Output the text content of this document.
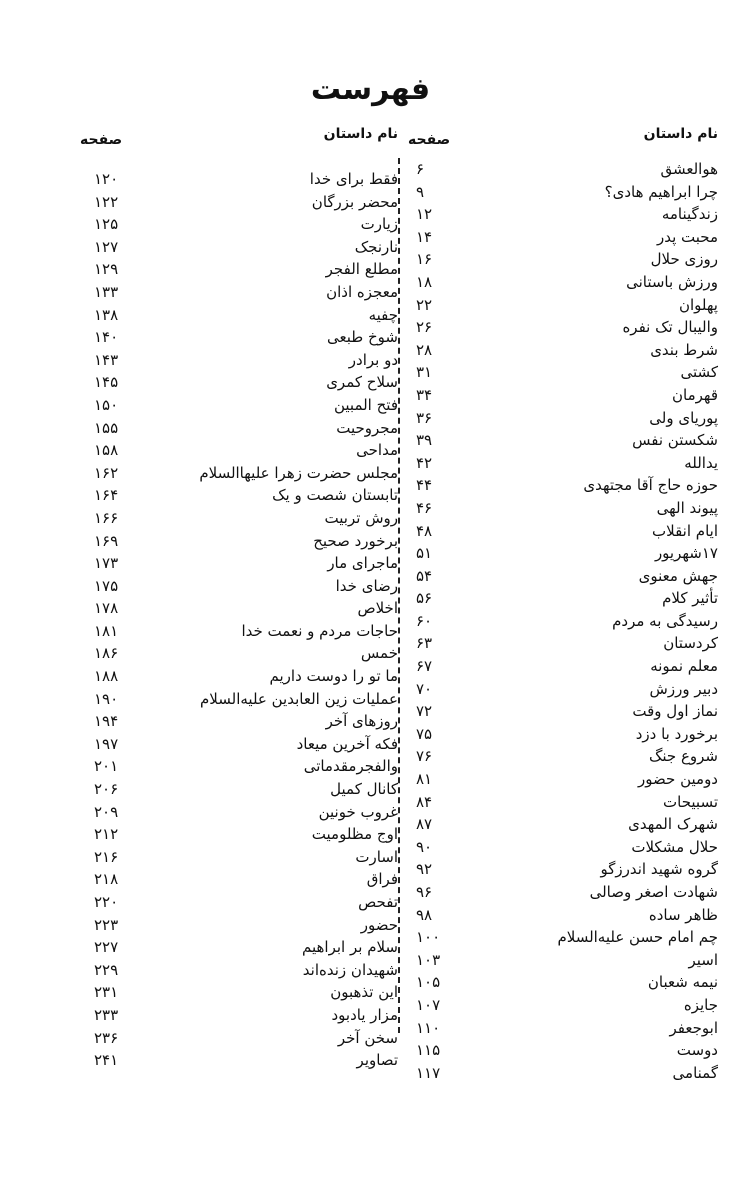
فهرست
نام داستان
صفحه
هوالعشق
۶
چرا ابراهیم هادی؟
۹
زندگینامه
۱۲
محبت پدر
۱۴
روزی حلال
۱۶
ورزش باستانی
۱۸
پهلوان
۲۲
والیبال تک نفره
۲۶
شرط بندی
۲۸
کشتی
۳۱
قهرمان
۳۴
پوریای ولی
۳۶
شکستن نفس
۳۹
یدالله
۴۲
حوزه حاج آقا مجتهدی
۴۴
پیوند الهی
۴۶
ایام انقلاب
۴۸
۱۷شهریور
۵۱
جهش معنوی
۵۴
تأثیر کلام
۵۶
رسیدگی به مردم
۶۰
کردستان
۶۳
معلم نمونه
۶۷
دبیر ورزش
۷۰
نماز اول وقت
۷۲
برخورد با دزد
۷۵
شروع جنگ
۷۶
دومین حضور
۸۱
تسبیحات
۸۴
شهرک المهدی
۸۷
حلال مشکلات
۹۰
گروه شهید اندرزگو
۹۲
شهادت اصغر وصالی
۹۶
ظاهر ساده
۹۸
چم امام حسن عليه‌السلام
۱۰۰
اسیر
۱۰۳
نیمه شعبان
۱۰۵
جایزه
۱۰۷
ابوجعفر
۱۱۰
دوست
۱۱۵
گمنامی
۱۱۷
نام داستان
صفحه
فقط برای خدا
۱۲۰
محضر بزرگان
۱۲۲
زیارت
۱۲۵
نارنجک
۱۲۷
مطلع الفجر
۱۲۹
معجزه اذان
۱۳۳
چفیه
۱۳۸
شوخ طبعی
۱۴۰
دو برادر
۱۴۳
سلاح کمری
۱۴۵
فتح المبین
۱۵۰
مجروحیت
۱۵۵
مداحی
۱۵۸
مجلس حضرت زهرا عليهاالسلام
۱۶۲
تابستان شصت و یک
۱۶۴
روش تربیت
۱۶۶
برخورد صحیح
۱۶۹
ماجرای مار
۱۷۳
رضای خدا
۱۷۵
اخلاص
۱۷۸
حاجات مردم و نعمت خدا
۱۸۱
خمس
۱۸۶
ما تو را دوست داریم
۱۸۸
عملیات زین العابدین عليه‌السلام
۱۹۰
روزهای آخر
۱۹۴
فکه آخرین میعاد
۱۹۷
والفجرمقدماتی
۲۰۱
کانال کمیل
۲۰۶
غروب خونین
۲۰۹
اوج مظلومیت
۲۱۲
اسارت
۲۱۶
فراق
۲۱۸
تفحص
۲۲۰
حضور
۲۲۳
سلام بر ابراهیم
۲۲۷
شهیدان زنده‌اند
۲۲۹
این تذهبون
۲۳۱
مزار یادبود
۲۳۳
سخن آخر
۲۳۶
تصاویر
۲۴۱
